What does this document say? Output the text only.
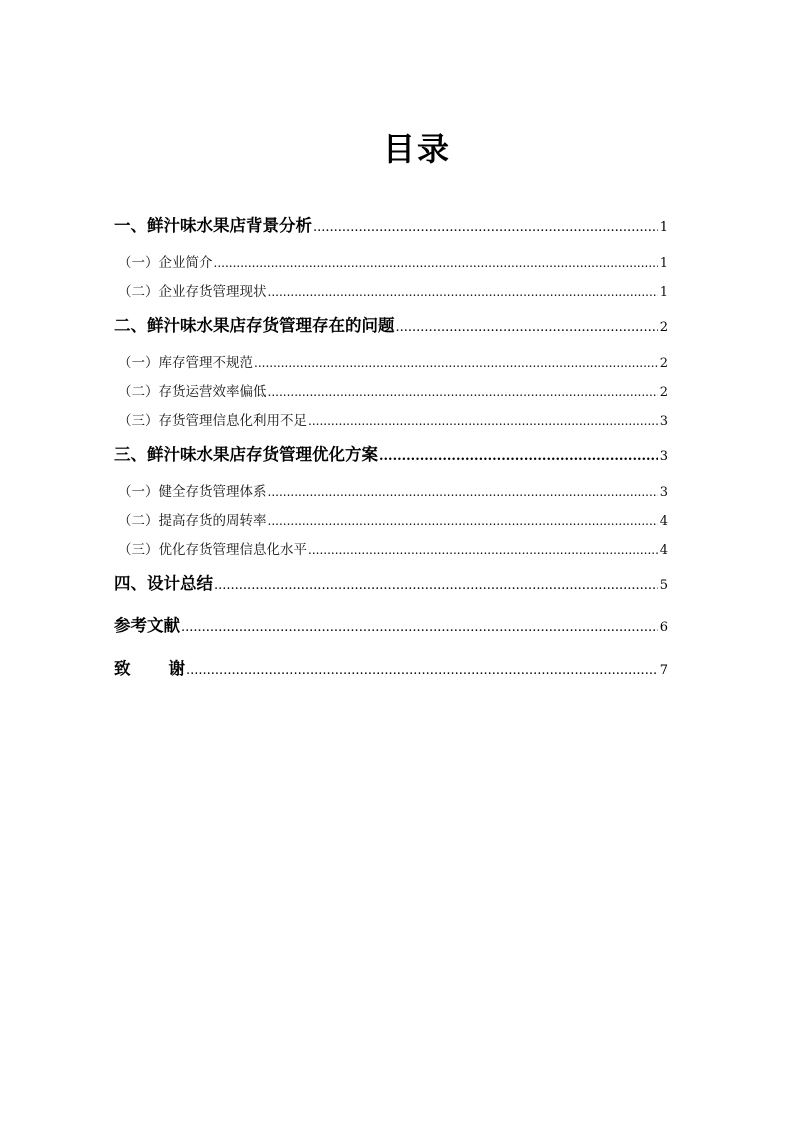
目录
一、鲜汁味水果店背景分析 .....	1
（一）企业简介 .....	1
（二）企业存货管理现状 .....	1
二、鲜汁味水果店存货管理存在的问题 .....	2
（一）库存管理不规范 .....	2
（二）存货运营效率偏低 .....	2
（三）存货管理信息化利用不足 .....	3
三、鲜汁味水果店存货管理优化方案 .....	3
（一）健全存货管理体系 .....	3
（二）提高存货的周转率 .....	4
（三）优化存货管理信息化水平 .....	4
四、设计总结 .....	5
参考文献 .....	6
致 谢 .....	7
